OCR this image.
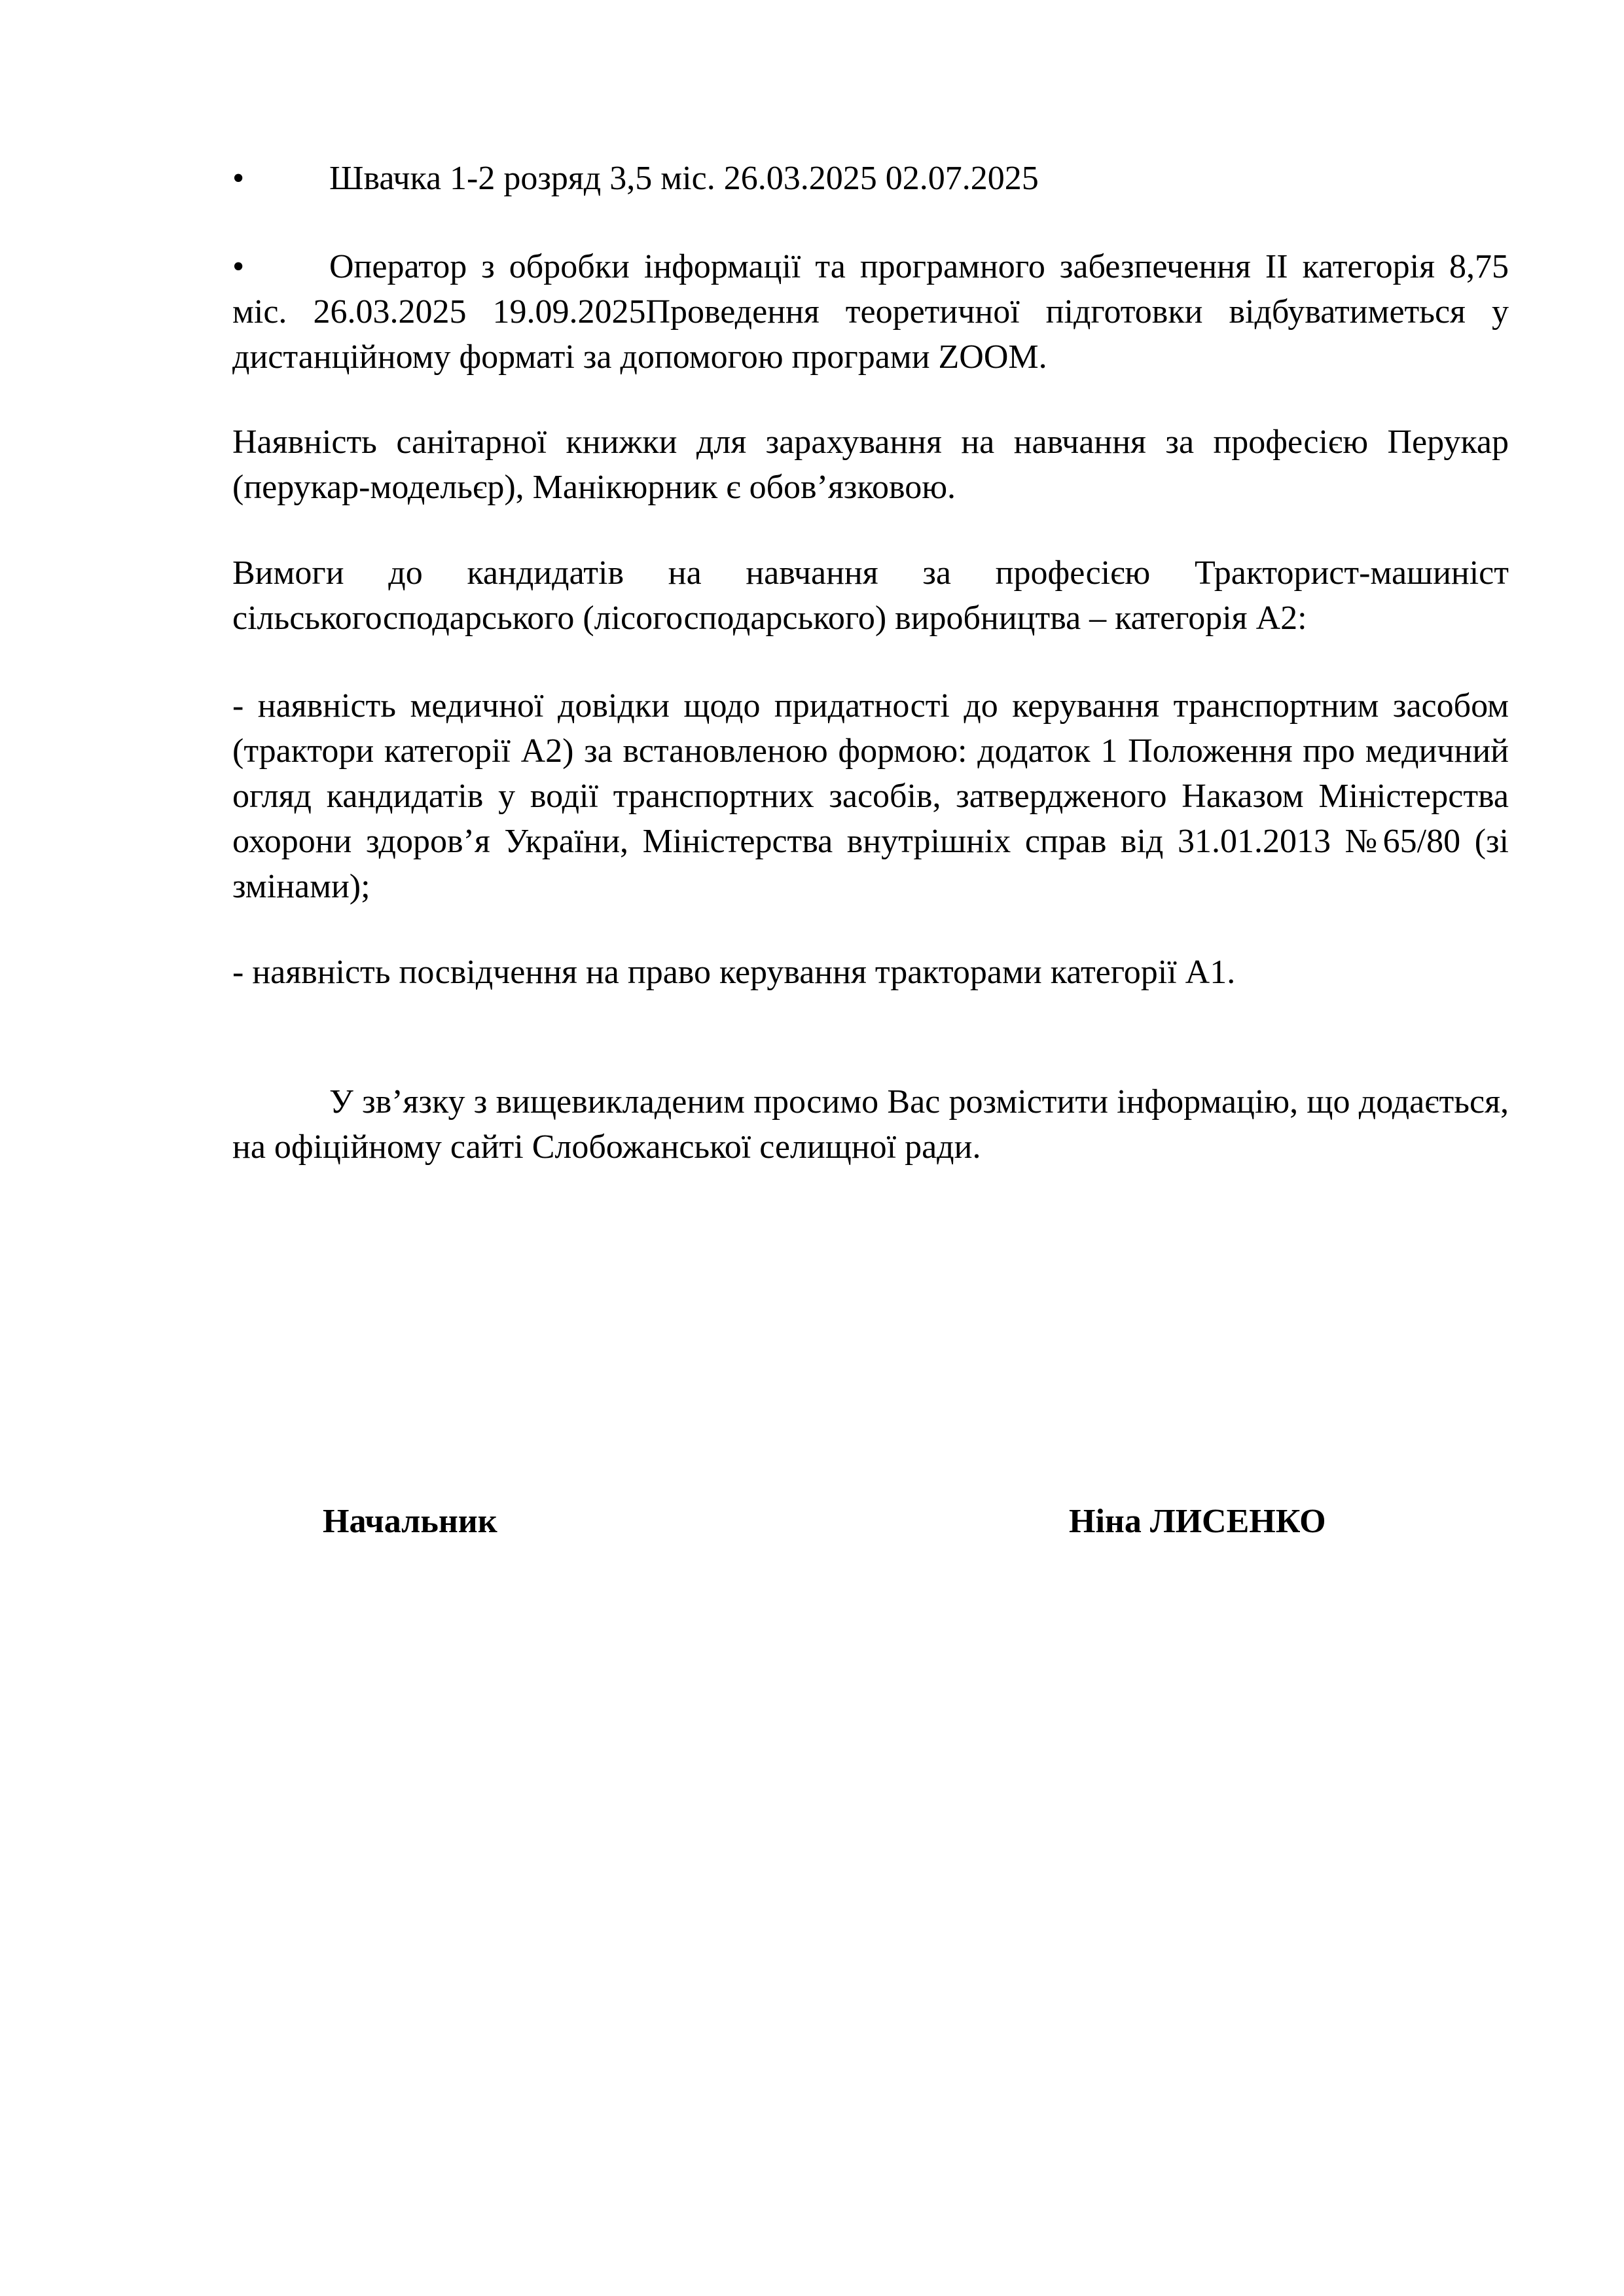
• Швачка 1-2 розряд 3,5 міс. 26.03.2025 02.07.2025

• Оператор з обробки інформації та програмного забезпечення II категорія 8,75 міс. 26.03.2025 19.09.2025Проведення теоретичної підготовки відбуватиметься у дистанційному форматі за допомогою програми ZOOM.

Наявність санітарної книжки для зарахування на навчання за професією Перукар (перукар-модельєр), Манікюрник є обов’язковою.

Вимоги до кандидатів на навчання за професією Тракторист-машиніст сільськогосподарського (лісогосподарського) виробництва – категорія А2:

- наявність медичної довідки щодо придатності до керування транспортним засобом (трактори категорії А2) за встановленою формою: додаток 1 Положення про медичний огляд кандидатів у водії транспортних засобів, затвердженого Наказом Міністерства охорони здоров’я України, Міністерства внутрішніх справ від 31.01.2013 №65/80 (зі змінами);

- наявність посвідчення на право керування тракторами категорії А1.

У зв’язку з вищевикладеним просимо Вас розмістити інформацію, що додається, на офіційному сайті Слобожанської селищної ради.

Начальник	Ніна ЛИСЕНКО
